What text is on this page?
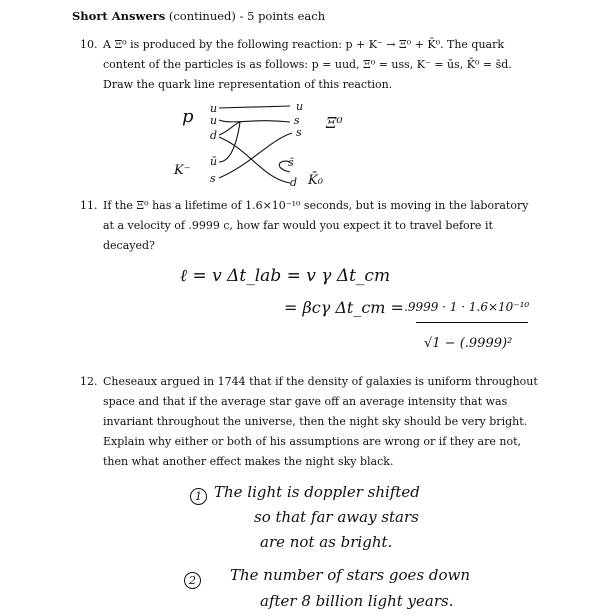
Short Answers (continued) - 5 points each
10. A Ξ⁰ is produced by the following reaction: p + K⁻ → Ξ⁰ + K̄⁰. The quark
content of the particles is as follows: p = uud, Ξ⁰ = uss, K⁻ = ūs, K̄⁰ = s̄d.
Draw the quark line representation of this reaction.
p
K⁻
Ξ⁰
K̄₀
u
u
d
ū
s
u
s
s
s̄
d
11. If the Ξ⁰ has a lifetime of 1.6×10⁻¹⁰ seconds, but is moving in the laboratory
at a velocity of .9999 c, how far would you expect it to travel before it
decayed?
ℓ = v Δt_lab = v γ Δt_cm
= βcγ Δt_cm = .9999 · 1 · 1.6×10⁻¹⁰
√1 − (.9999)²
12. Cheseaux argued in 1744 that if the density of galaxies is uniform throughout
space and that if the average star gave off an average intensity that was
invariant throughout the universe, then the night sky should be very bright.
Explain why either or both of his assumptions are wrong or if they are not,
then what another effect makes the night sky black.
1 The light is doppler shifted
so that far away stars
are not as bright.
2	The number of stars goes down
after 8 billion light years.
